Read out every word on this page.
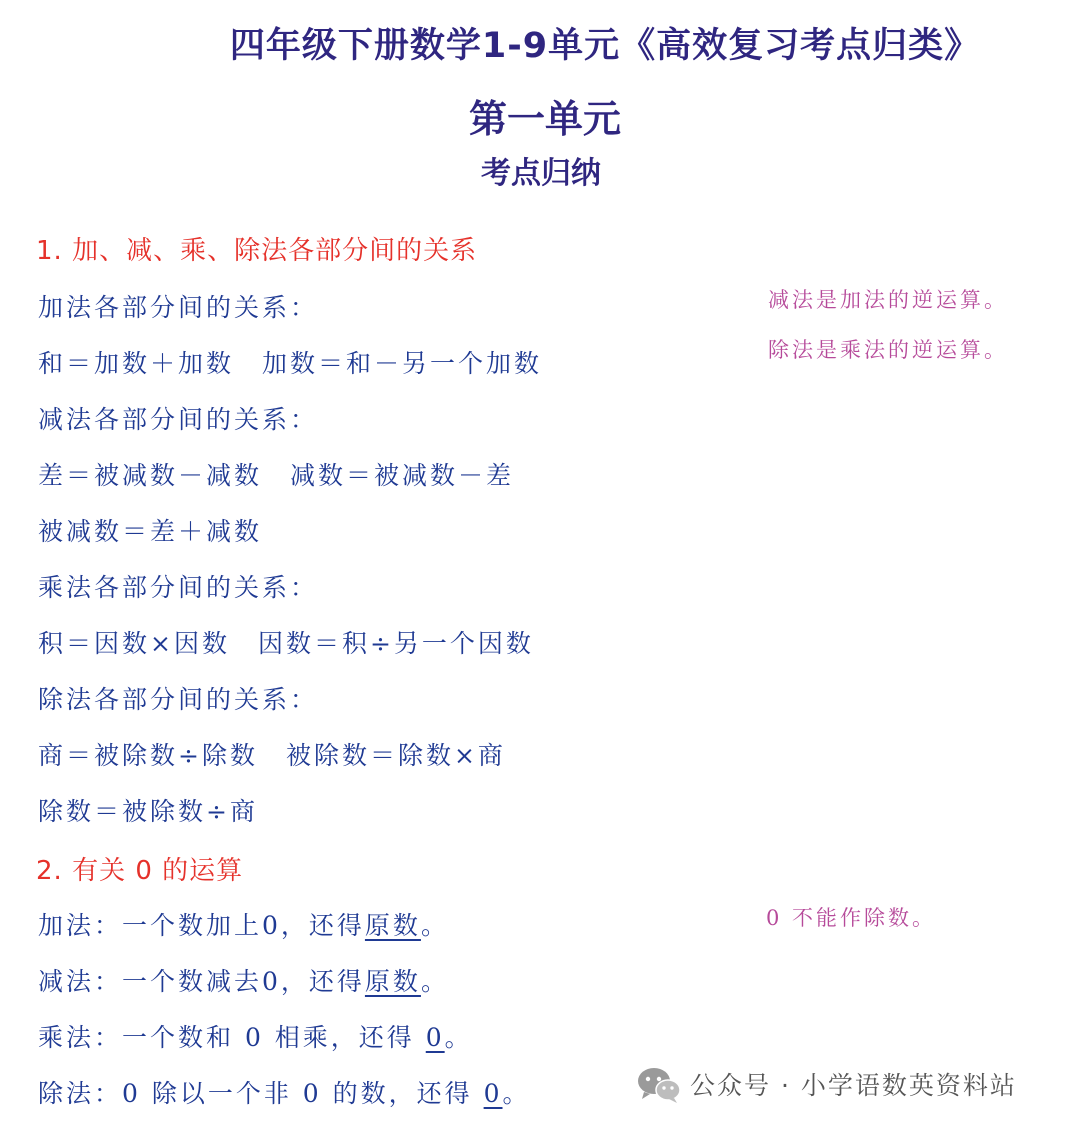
四年级下册数学1-9单元《高效复习考点归类》
第一单元
考点归纳
1. 加、减、乘、除法各部分间的关系
加法各部分间的关系：
和＝加数＋加数　加数＝和－另一个加数
减法各部分间的关系：
差＝被减数－减数　减数＝被减数－差
被减数＝差＋减数
乘法各部分间的关系：
积＝因数×因数　因数＝积÷另一个因数
除法各部分间的关系：
商＝被除数÷除数　被除数＝除数×商
除数＝被除数÷商
减法是加法的逆运算。
除法是乘法的逆运算。
2. 有关 0 的运算
加法：一个数加上0，还得原数。
减法：一个数减去0，还得原数。
乘法：一个数和 0 相乘，还得 0。
除法：0 除以一个非 0 的数，还得 0。
0 不能作除数。
公众号 · 小学语数英资料站
